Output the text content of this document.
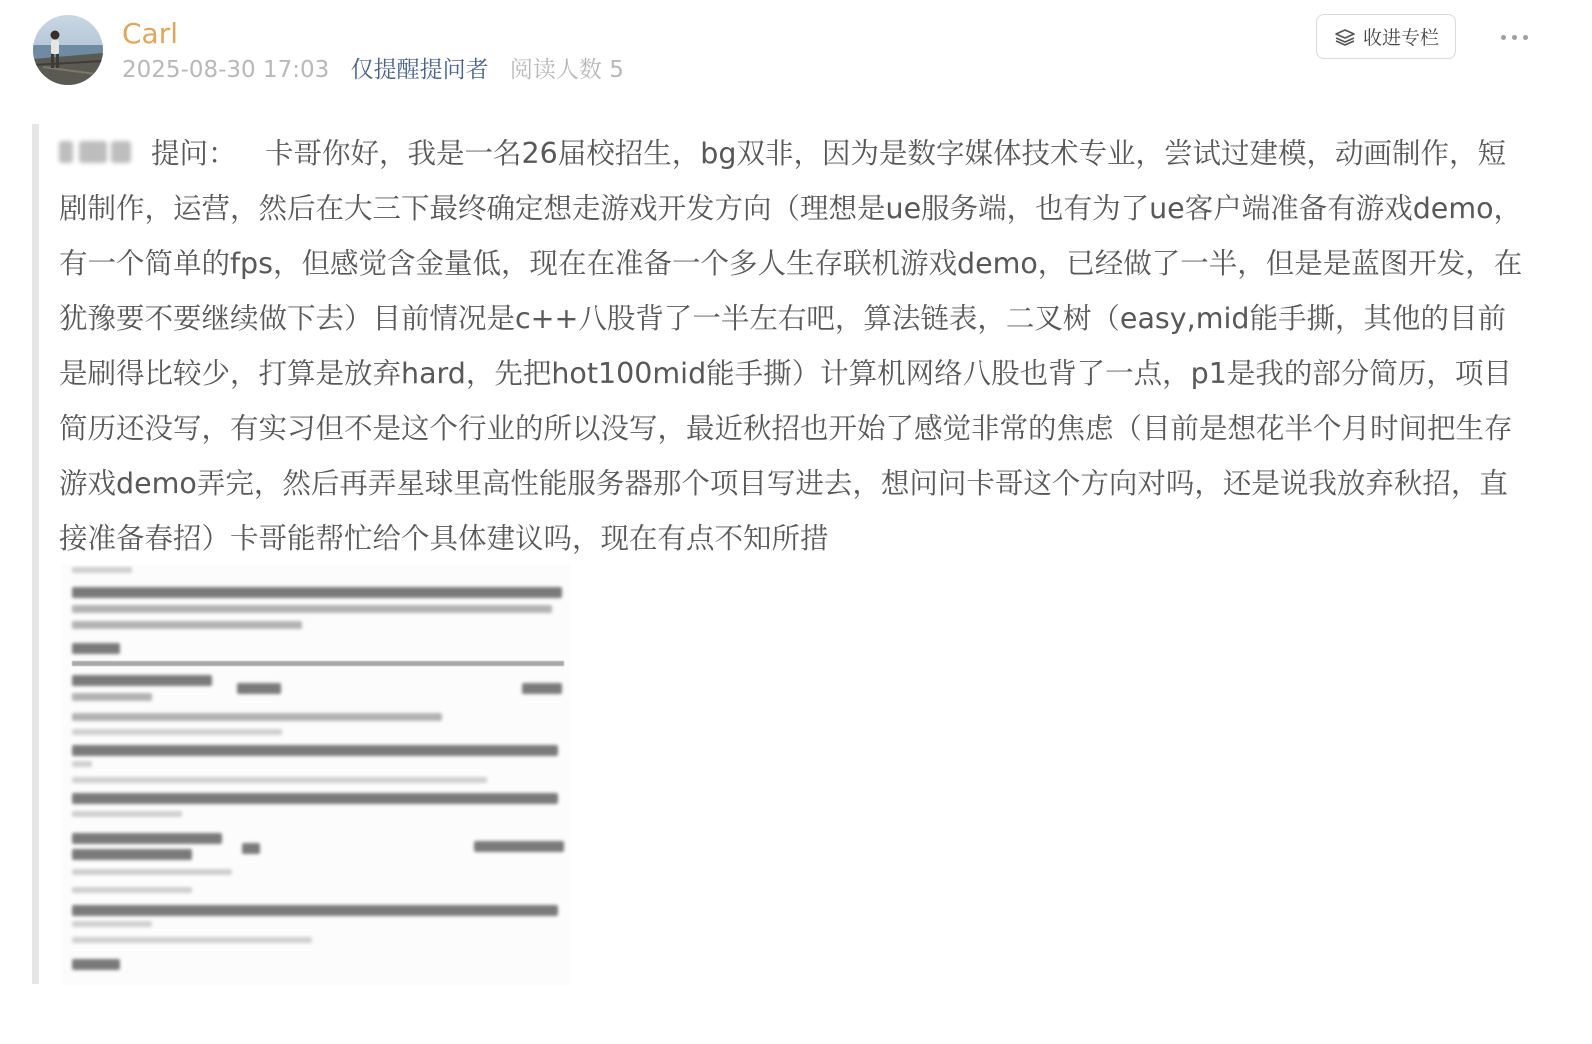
Carl
2025-08-30 17:03 仅提醒提问者 阅读人数 5
收进专栏
提问：  卡哥你好，我是一名26届校招生，bg双非，因为是数字媒体技术专业，尝试过建模，动画制作，短剧制作，运营，然后在大三下最终确定想走游戏开发方向（理想是ue服务端，也有为了ue客户端准备有游戏demo，有一个简单的fps，但感觉含金量低，现在在准备一个多人生存联机游戏demo，已经做了一半，但是是蓝图开发，在犹豫要不要继续做下去）目前情况是c++八股背了一半左右吧，算法链表，二叉树（easy,mid能手撕，其他的目前是刷得比较少，打算是放弃hard，先把hot100mid能手撕）计算机网络八股也背了一点，p1是我的部分简历，项目简历还没写，有实习但不是这个行业的所以没写，最近秋招也开始了感觉非常的焦虑（目前是想花半个月时间把生存游戏demo弄完，然后再弄星球里高性能服务器那个项目写进去，想问问卡哥这个方向对吗，还是说我放弃秋招，直接准备春招）卡哥能帮忙给个具体建议吗，现在有点不知所措
